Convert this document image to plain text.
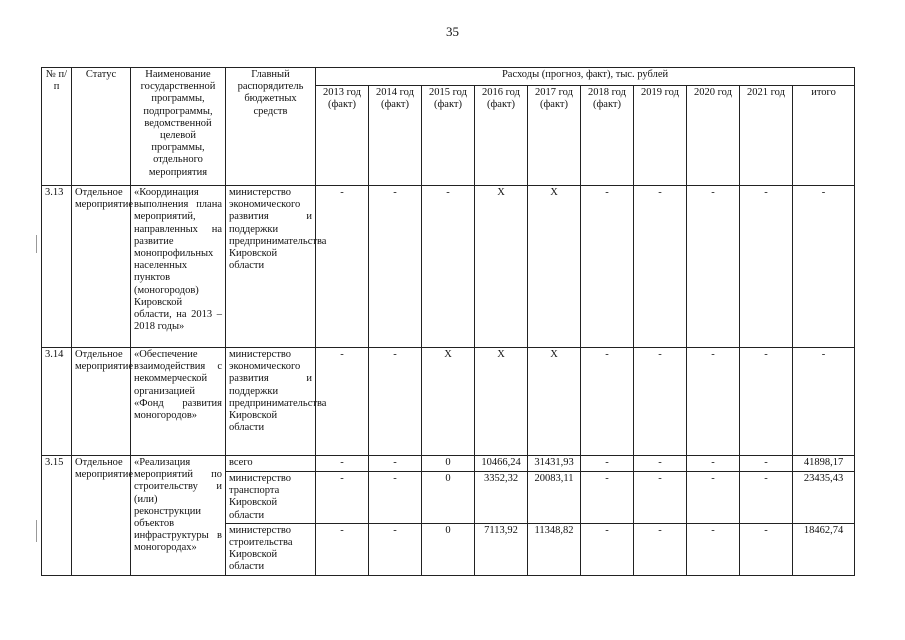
35
№ п/п	Статус	Наименование государственной программы, подпрограммы, ведомственной целевой программы, отдельного мероприятия	Главный распорядитель бюджетных средств	Расходы (прогноз, факт), тыс. рублей									
				2013 год (факт)	2014 год (факт)	2015 год (факт)	2016 год (факт)	2017 год (факт)	2018 год (факт)	2019 год	2020 год	2021 год	итого
3.13	Отдельное мероприятие	«Координация выполнения плана мероприятий, направленных на развитие монопрофильных населенных пунктов (моногородов) Кировской области, на 2013 – 2018 годы»	министерство экономического развития и поддержки предпринимательства Кировской области	-	-	-	X	X	-	-	-	-	-
3.14	Отдельное мероприятие	«Обеспечение взаимодействия с некоммерческой организацией «Фонд развития моногородов»	министерство экономического развития и поддержки предпринимательства Кировской области	-	-	X	X	X	-	-	-	-	-
3.15	Отдельное мероприятие	«Реализация мероприятий по строительству и (или) реконструкции объектов инфраструктуры в моногородах»	всего	-	-	0	10466,24	31431,93	-	-	-	-	41898,17
			министерство транспорта Кировской области	-	-	0	3352,32	20083,11	-	-	-	-	23435,43
			министерство строительства Кировской области	-	-	0	7113,92	11348,82	-	-	-	-	18462,74
